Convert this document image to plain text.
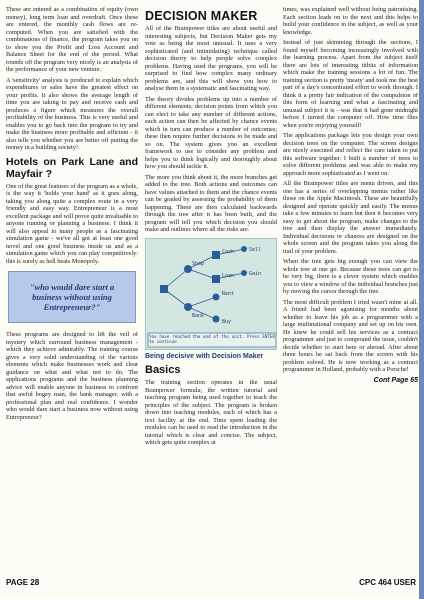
These are entered as a combination of equity (own money), long term loan and overdraft. Once these are entered, the monthly cash flows are re-computed. When you are satisfied with the combinations of finance, the program takes you on to show you the Profit and Loss Account and Balance Sheet for the end of the period. What rounds off the program very nicely is an analysis of the performance of your new venture.

A 'sensitivity' analysis is produced to explain which expenditures or sales have the greatest effect on your profits. It also shows the average length of time you are taking to pay and receive cash and produces a figure which measures the overall profitability of the business. This is very useful and enables you to go back into the program to try and make the business more profitable and efficient - it also tells you whether you are better off putting the money in a building society!

Hotels on Park Lane and Mayfair ?

One of the great features of the program as a whole, is the way it 'holds your hand' as it goes along, taking you along quite a complex route in a very friendly and easy way. Entrepreneur is a most excellent package and will prove quite invaluable to anyone running or planning a business. I think it will also appeal to many people as a fascinating simulation game - we've all got at least one good novel and one good business inside us and as a simulation game which you can play competitively: this is surely as hell beats Monopoly.

"who would dare start a business without using Entrepreneur?"

These programs are designed to lift the veil of mystery which surround business management - which they achieve admirably. The training course gives a very solid understanding of the various elements which make businesses work and clear guidance on what and what not to do. The applications programs and the business planning advice will enable anyone in business to confront that awful bogey man, the bank manager, with a professional plan and real confidence. I wonder who would dare start a business now without using Entrepreneur?

DECISION MAKER

All of the Brainpower titles are about useful and interesting subjects, but Decision Maker gets my vote as being the most unusual. It uses a very sophisticated (and intimidating) technique called decision theory to help people solve complex problems. Having used the programs, you will be surprised to find how complex many ordinary problems are, and this will show you how to analyse them in a systematic and fascinating way.

The theory divides problems up into a number of different elements; decision points from which you can elect to take any number of different actions, each action can then be affected by chance events which in turn can produce a number of outcomes; these then require further decisions to be made and so on. The system gives you an excellent framework to use to consider any problem and helps you to think logically and thoroughly about how you should tackle it.

The more you think about it, the more branches get added to the tree. Both actions and outcomes can have values attached to them and the chance events can be graded by assessing the probability of them happening. These are then calculated backwards through the tree after it has been built, and the program will tell you which decision you should make and outlines where all the risks are.

Shop
Bank
Cash
Loan
Rent
Buy
Sell
Gain
You have reached the end of the unit. Press ENTER to continue
Being decisive with Decision Maker
Basics

The training section operates in the usual Brainpower formula; the written tutorial and teaching program being used together to teach the principles of the subject. The program is broken down into teaching modules, each of which has a text facility at the end. Time spent loading the modules can be used to read the introduction in the tutorial which is clear and concise. The subject, which gets quite complex at

times, was explained well without being patronising. Each section leads on to the next and this helps to build your confidence in the subject, as well as your knowledge.

Instead of just skimming through the sections, I found myself becoming increasingly involved with the learning process. Apart from the subject itself there are lots of interesting titbits of information which make the training sessions a lot of fun. The training section is pretty 'meaty' and took me the best part of a day's concentrated effort to work through. I think it a pretty fair indication of the compulsion of this form of learning and what a fascinating and unusual subject it is - was that it had gone midnight before I turned the computer off. How time flies when you're enjoying yourself!

The applications package lets you design your own decision trees on the computer. The screen designs are nicely executed and reflect the care taken to put this software together. I built a number of trees to solve different problems and was able to make my approach more sophisticated as I went on.

All the Brainpower titles are menu driven, and this one has a series of overlapping menus rather like those on the Apple Macintosh. These are beautifully designed and operate quickly and easily. The menus take a few minutes to learn but then it becomes very easy to get about the program, make changes to the tree and then display the answer immediately. Individual decisions or chances are designed on the whole screen and the program takes you along the trail of your problem.

When the tree gets big enough you can view the whole tree at one go. Because these trees can get to be very big, there is a clever system which enables you to view a window of the individual branches just by moving the cursor through the tree.

The most difficult problem I tried wasn't mine at all. A friend had been agonising for months about whether to leave his job as a programmer with a large multinational company and set up on his own. He knew he could sell his services as a contract programmer and just to compound the issue, couldn't decide whether to start here or abroad. After about three hours he sat back from the screen with his problem solved. He is now working as a contract programmer in Holland, probably with a Porsche!

Cont Page 65
PAGE 28	CPC 464 USER
